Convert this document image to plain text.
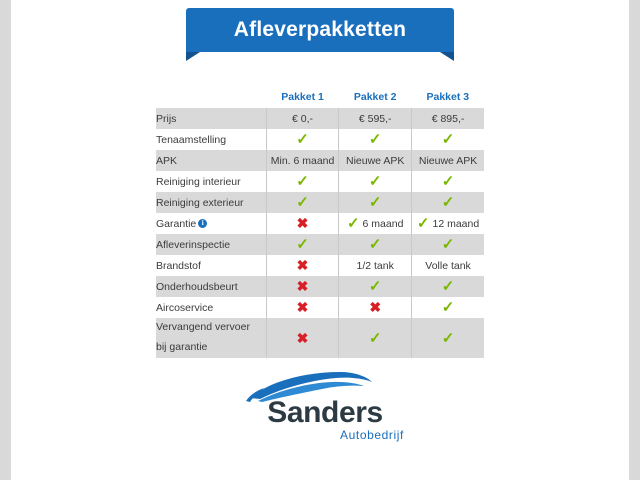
Afleverpakketten
	Pakket 1	Pakket 2	Pakket 3
Prijs	€ 0,-	€ 595,-	€ 895,-
Tenaamstelling	✓	✓	✓
APK	Min. 6 maand	Nieuwe APK	Nieuwe APK
Reiniging interieur	✓	✓	✓
Reiniging exterieur	✓	✓	✓
Garantie i	✖	✓ 6 maand	✓ 12 maand

Afleverinspectie	✓	✓	✓
Brandstof	✖	1/2 tank	Volle tank
Onderhoudsbeurt	✖	✓	✓
Aircoservice	✖	✖	✓
Vervangend vervoer
bij garantie	✖	✓	✓
Sanders
Autobedrijf
